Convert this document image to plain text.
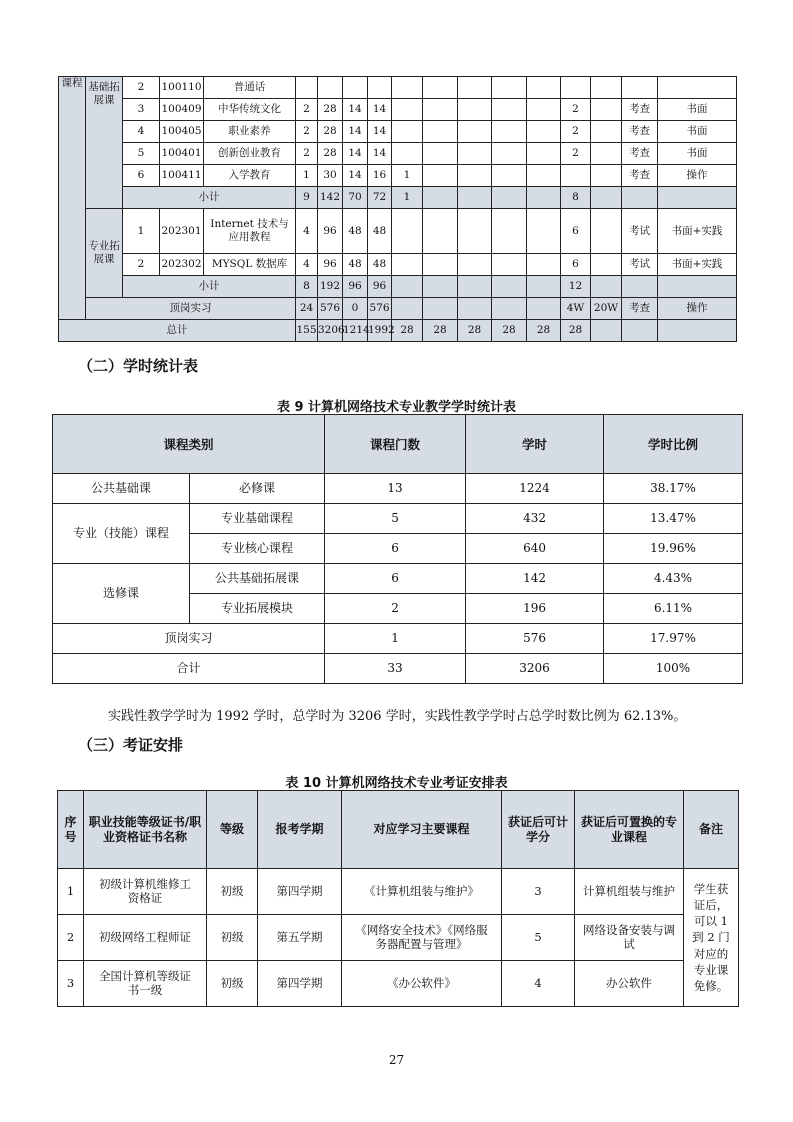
课程	基础拓展课	2	100110	普通话													
		3	100409	中华传统文化	2	28	14	14						2		考查	书面
		4	100405	职业素养	2	28	14	14						2		考查	书面
		5	100401	创新创业教育	2	28	14	14						2		考查	书面
		6	100411	入学教育	1	30	14	16	1							考查	操作
		小计			9	142	70	72	1					8			
	专业拓展课	1	202301	Internet 技术与应用教程	4	96	48	48						6		考试	书面+实践
		2	202302	MYSQL 数据库	4	96	48	48						6		考试	书面+实践
		小计			8	192	96	96						12			
	顶岗实习				24	576	0	576						4W	20W	考查	操作
总计					155	3206	1214	1992	28	28	28	28	28	28			
（二）学时统计表
表 9 计算机网络技术专业教学学时统计表
课程类别		课程门数	学时	学时比例
公共基础课	必修课	13	1224	38.17%
专业（技能）课程	专业基础课程	5	432	13.47%
	专业核心课程	6	640	19.96%
选修课	公共基础拓展课	6	142	4.43%
	专业拓展模块	2	196	6.11%
顶岗实习		1	576	17.97%
合计		33	3206	100%
实践性教学学时为 1992 学时，总学时为 3206 学时，实践性教学学时占总学时数比例为 62.13%。
（三）考证安排
表 10 计算机网络技术专业考证安排表
序号	职业技能等级证书/职业资格证书名称	等级	报考学期	对应学习主要课程	获证后可计学分	获证后可置换的专业课程	备注
1	初级计算机维修工资格证	初级	第四学期	《计算机组装与维护》	3	计算机组装与维护	学生获证后，可以 1 到 2 门对应的专业课免修。
2	初级网络工程师证	初级	第五学期	《网络安全技术》《网络服务器配置与管理》	5	网络设备安装与调试	
3	全国计算机等级证书一级	初级	第四学期	《办公软件》	4	办公软件	
27
